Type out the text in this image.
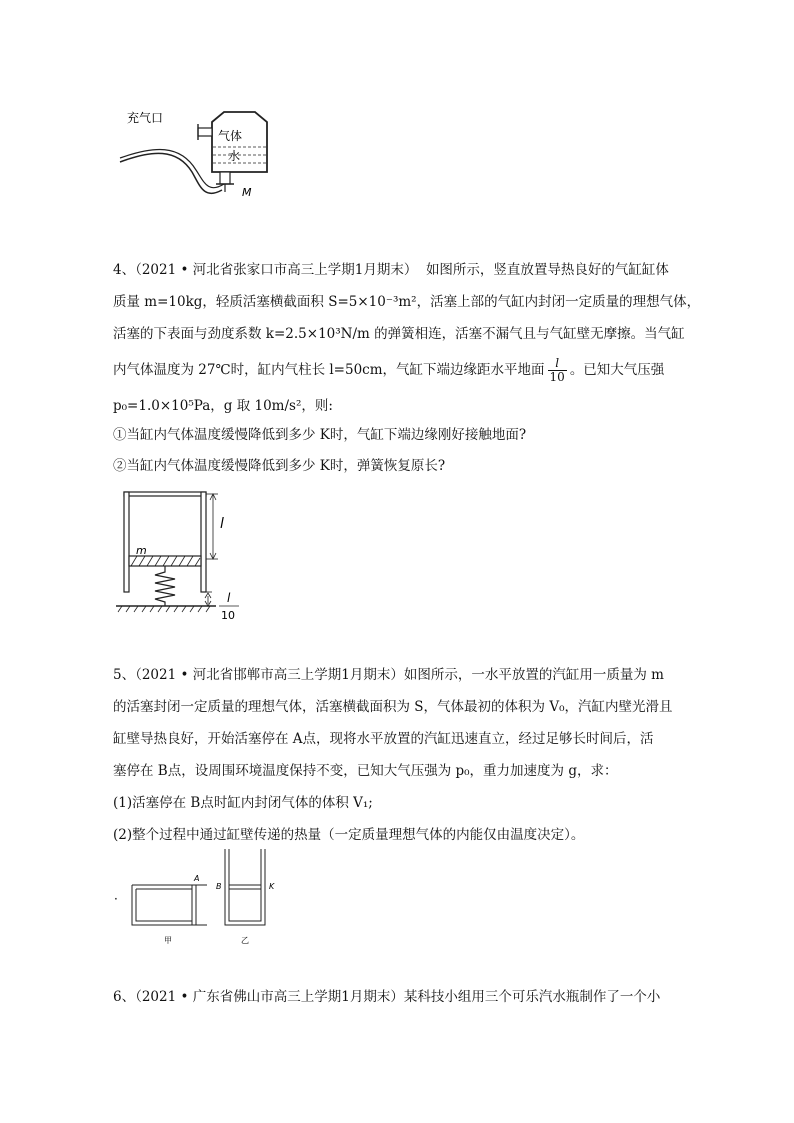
充气口
气体
水
M
4、（2021 • 河北省张家口市高三上学期1月期末） 如图所示，竖直放置导热良好的气缸缸体
质量 m=10kg，轻质活塞横截面积 S=5×10⁻³m²，活塞上部的气缸内封闭一定质量的理想气体，
活塞的下表面与劲度系数 k=2.5×10³N/m 的弹簧相连，活塞不漏气且与气缸壁无摩擦。当气缸
内气体温度为 27℃时，缸内气柱长 l=50cm，气缸下端边缘距水平地面 $\frac{l}{10}$ 。已知大气压强
p₀=1.0×10⁵Pa，g 取 10m/s²，则:
①当缸内气体温度缓慢降低到多少 K时，气缸下端边缘刚好接触地面?
②当缸内气体温度缓慢降低到多少 K时，弹簧恢复原长?
l
m
l
10
5、（2021 • 河北省邯郸市高三上学期1月期末）如图所示，一水平放置的汽缸用一质量为 m
的活塞封闭一定质量的理想气体，活塞横截面积为 S，气体最初的体积为 V₀，汽缸内壁光滑且
缸壁导热良好，开始活塞停在 A点，现将水平放置的汽缸迅速直立，经过足够长时间后，活
塞停在 B点，设周围环境温度保持不变，已知大气压强为 p₀，重力加速度为 g，求：
(1)活塞停在 B点时缸内封闭气体的体积 V₁;
(2)整个过程中通过缸壁传递的热量（一定质量理想气体的内能仅由温度决定）。
·
A
甲
B	K
乙
6、（2021 • 广东省佛山市高三上学期1月期末）某科技小组用三个可乐汽水瓶制作了一个小
